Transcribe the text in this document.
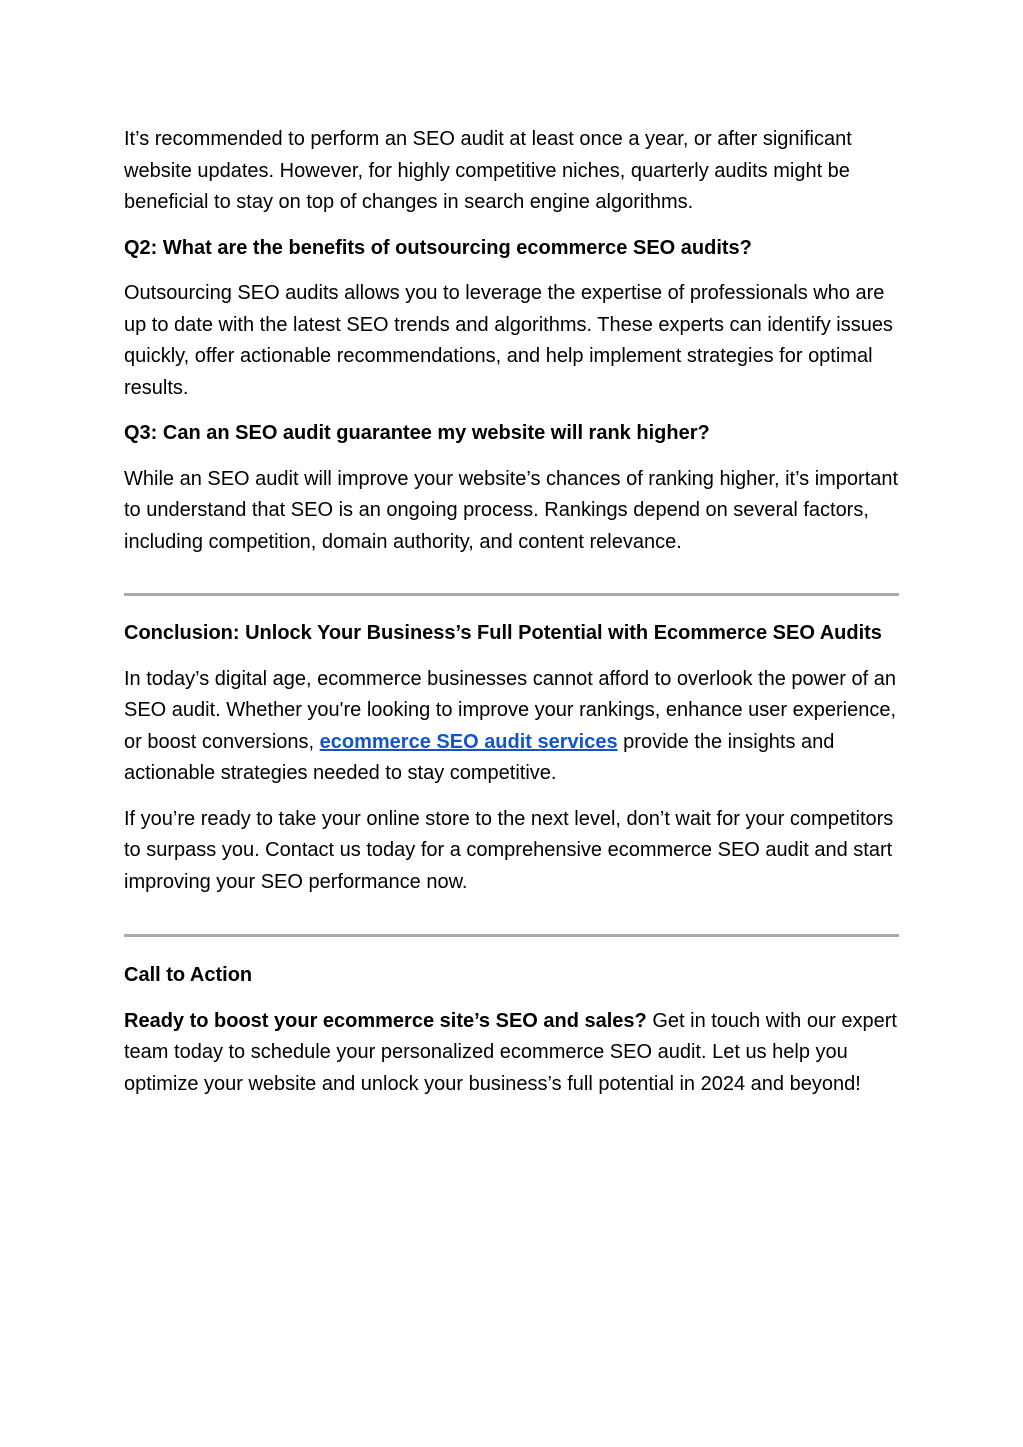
It’s recommended to perform an SEO audit at least once a year, or after significant website updates. However, for highly competitive niches, quarterly audits might be beneficial to stay on top of changes in search engine algorithms.

Q2: What are the benefits of outsourcing ecommerce SEO audits?

Outsourcing SEO audits allows you to leverage the expertise of professionals who are up to date with the latest SEO trends and algorithms. These experts can identify issues quickly, offer actionable recommendations, and help implement strategies for optimal results.

Q3: Can an SEO audit guarantee my website will rank higher?

While an SEO audit will improve your website’s chances of ranking higher, it’s important to understand that SEO is an ongoing process. Rankings depend on several factors, including competition, domain authority, and content relevance.

Conclusion: Unlock Your Business’s Full Potential with Ecommerce SEO Audits

In today’s digital age, ecommerce businesses cannot afford to overlook the power of an SEO audit. Whether you're looking to improve your rankings, enhance user experience, or boost conversions, ecommerce SEO audit services provide the insights and actionable strategies needed to stay competitive.

If you’re ready to take your online store to the next level, don’t wait for your competitors to surpass you. Contact us today for a comprehensive ecommerce SEO audit and start improving your SEO performance now.

Call to Action

Ready to boost your ecommerce site’s SEO and sales? Get in touch with our expert team today to schedule your personalized ecommerce SEO audit. Let us help you optimize your website and unlock your business’s full potential in 2024 and beyond!
